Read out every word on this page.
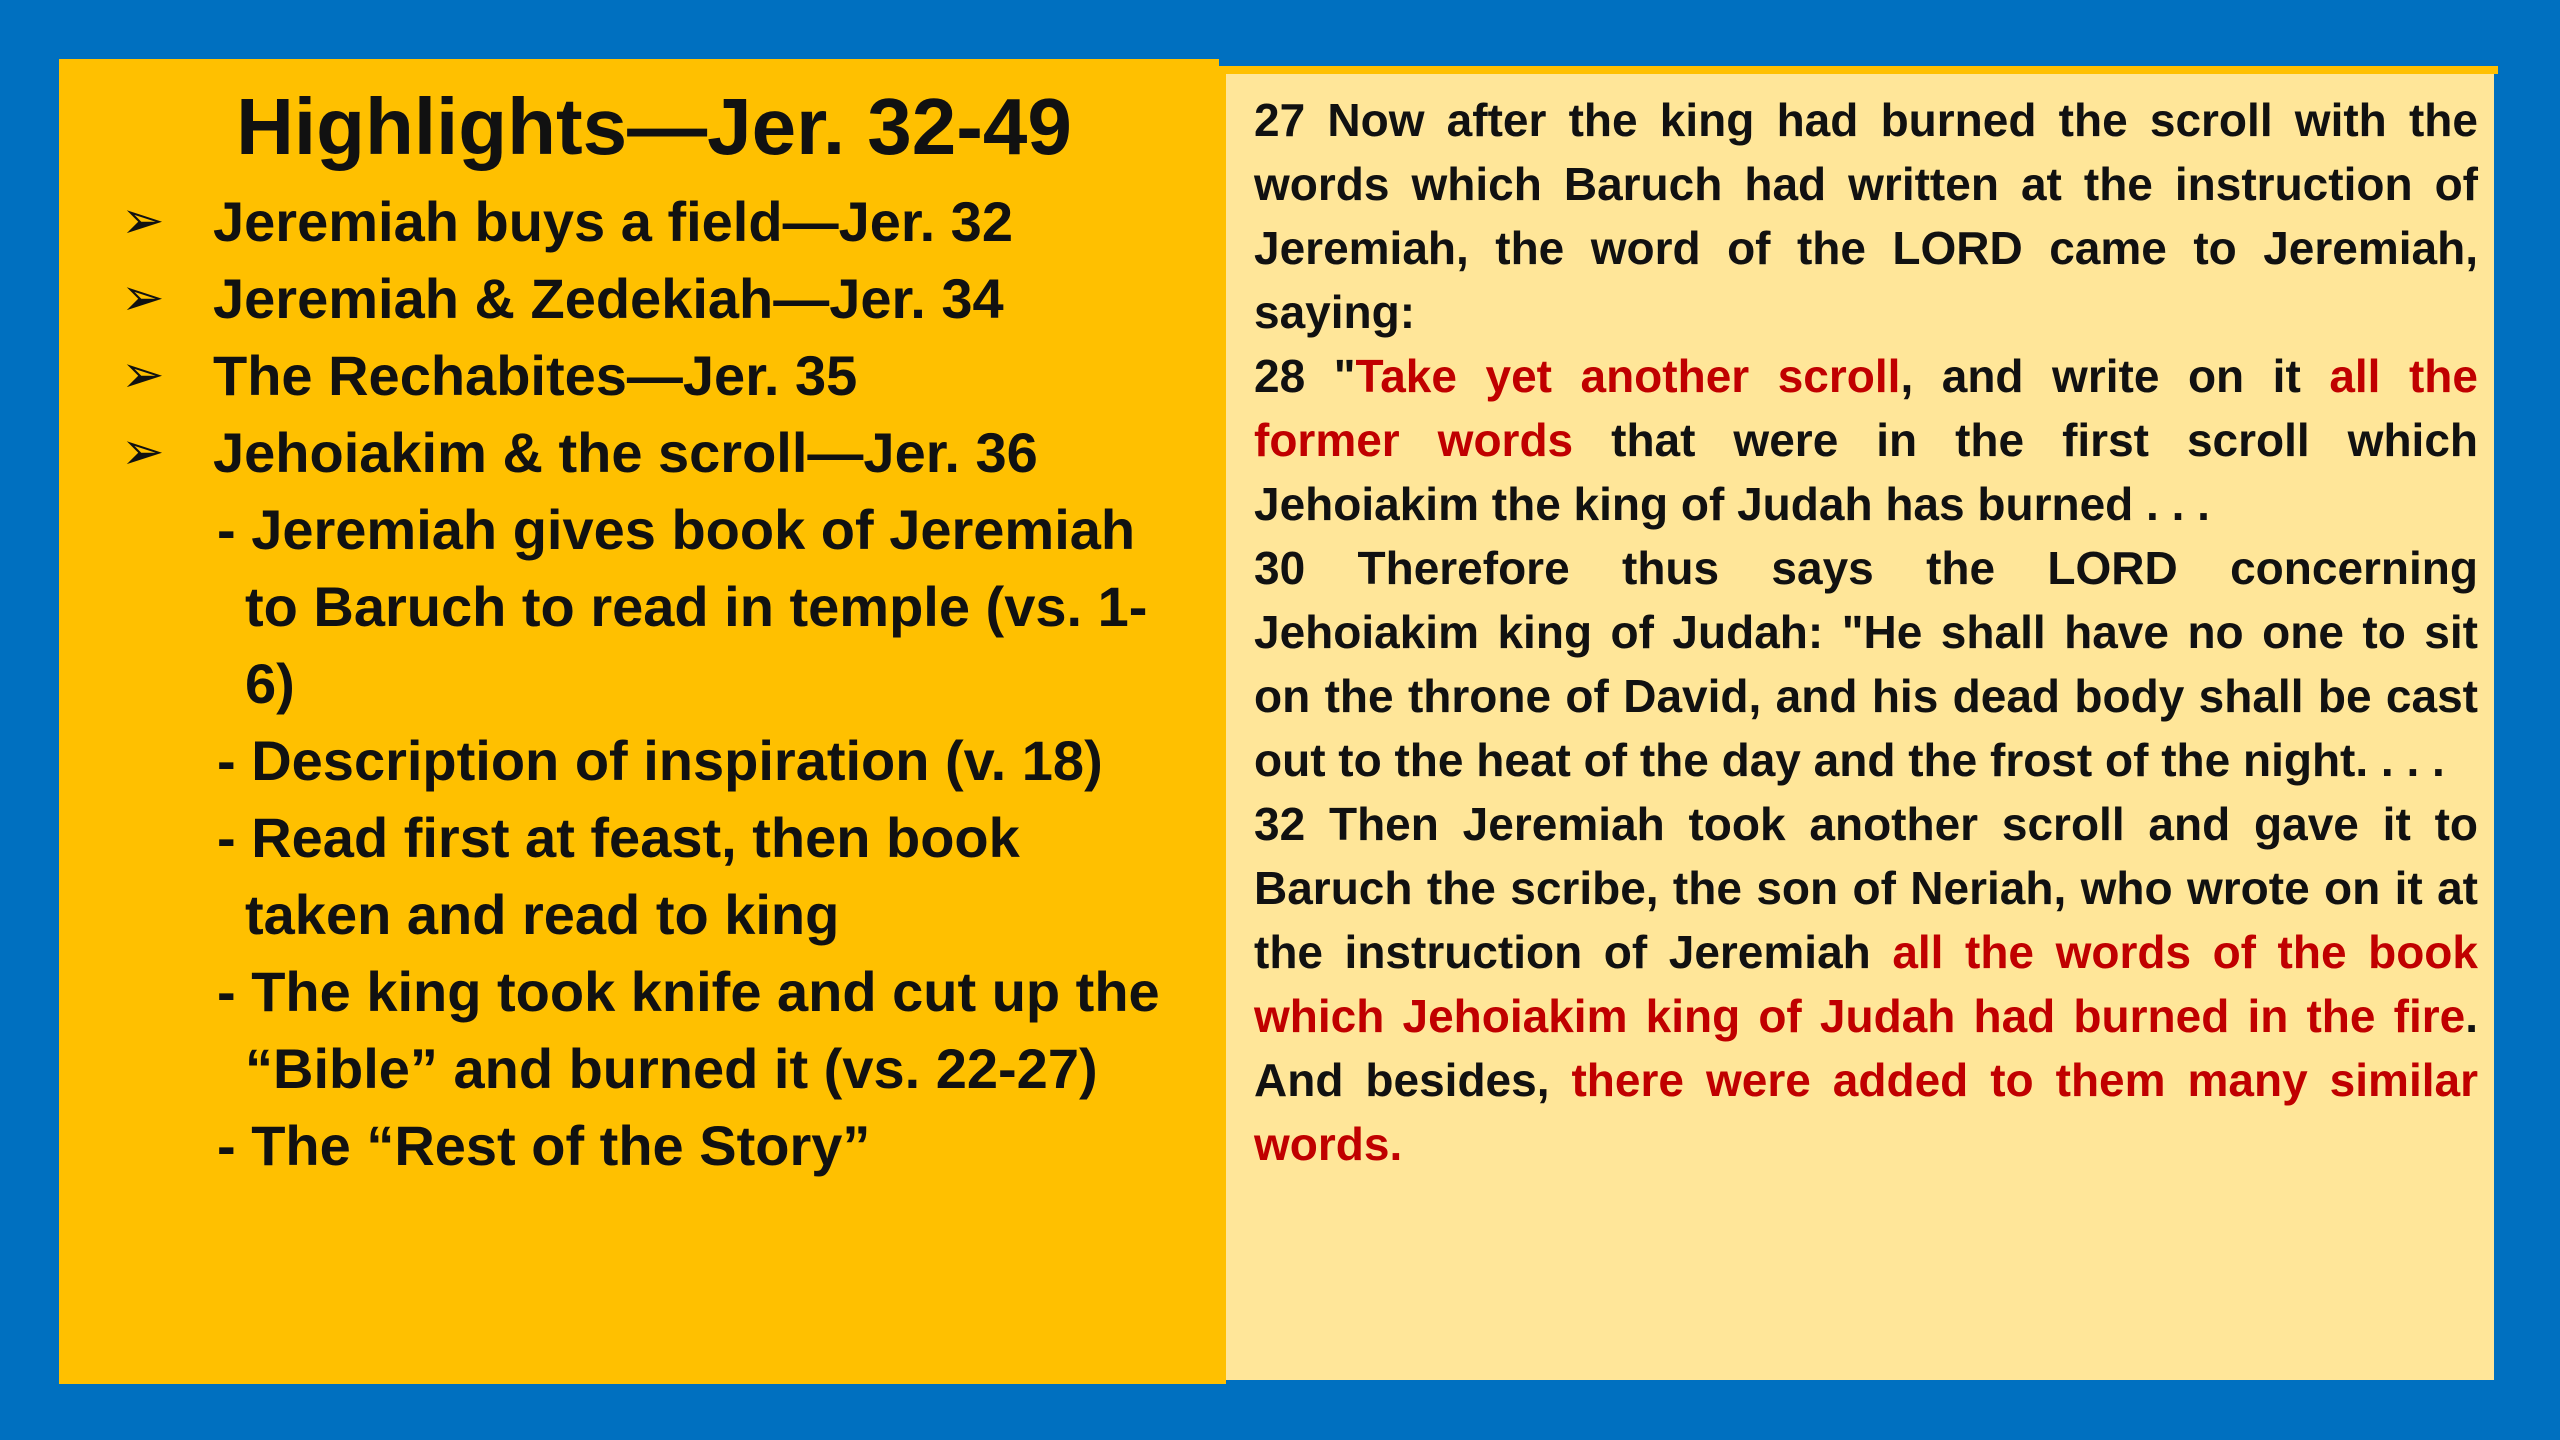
Highlights—Jer. 32-49
➢ Jeremiah buys a field—Jer. 32
➢ Jeremiah & Zedekiah—Jer. 34
➢ The Rechabites—Jer. 35
➢ Jehoiakim & the scroll—Jer. 36
- Jeremiah gives book of Jeremiah to Baruch to read in temple (vs. 1-6)
- Description of inspiration (v. 18)
- Read first at feast, then book taken and read to king
- The king took knife and cut up the “Bible” and burned it (vs. 22-27)
- The “Rest of the Story”

27 Now after the king had burned the scroll with the words which Baruch had written at the instruction of Jeremiah, the word of the LORD came to Jeremiah, saying:

28 "Take yet another scroll, and write on it all the former words that were in the first scroll which Jehoiakim the king of Judah has burned . . .

30 Therefore thus says the LORD concerning Jehoiakim king of Judah: "He shall have no one to sit on the throne of David, and his dead body shall be cast out to the heat of the day and the frost of the night. . . .

32 Then Jeremiah took another scroll and gave it to Baruch the scribe, the son of Neriah, who wrote on it at the instruction of Jeremiah all the words of the book which Jehoiakim king of Judah had burned in the fire. And besides, there were added to them many similar words.
